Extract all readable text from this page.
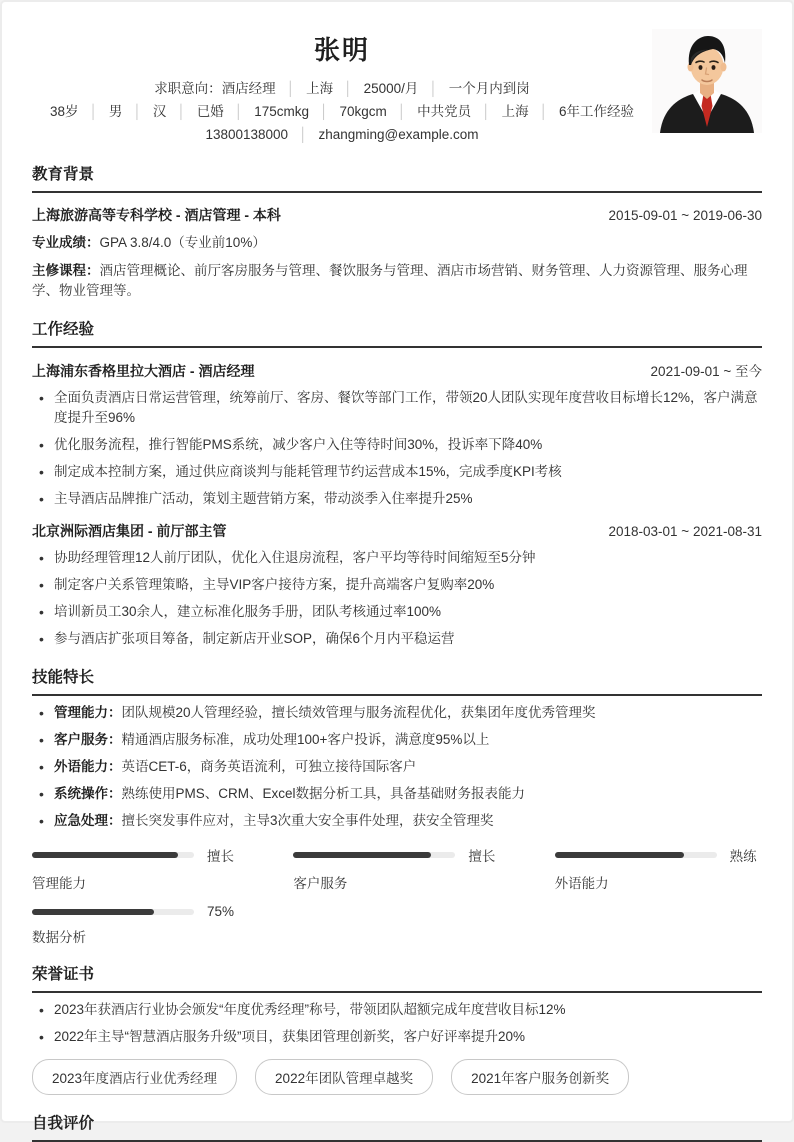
张明
求职意向：酒店经理 │ 上海 │ 25000/月 │ 一个月内到岗
38岁 │ 男 │ 汉 │ 已婚 │ 175cmkg │ 70kgcm │ 中共党员 │ 上海 │ 6年工作经验
13800138000 │ zhangming@example.com
教育背景
上海旅游高等专科学校 - 酒店管理 - 本科	2015-09-01 ~ 2019-06-30
专业成绩：GPA 3.8/4.0（专业前10%）
主修课程：酒店管理概论、前厅客房服务与管理、餐饮服务与管理、酒店市场营销、财务管理、人力资源管理、服务心理学、物业管理等。
工作经验
上海浦东香格里拉大酒店 - 酒店经理	2021-09-01 ~ 至今
• 全面负责酒店日常运营管理，统筹前厅、客房、餐饮等部门工作，带领20人团队实现年度营收目标增长12%，客户满意度提升至96%
• 优化服务流程，推行智能PMS系统，减少客户入住等待时间30%，投诉率下降40%
• 制定成本控制方案，通过供应商谈判与能耗管理节约运营成本15%，完成季度KPI考核
• 主导酒店品牌推广活动，策划主题营销方案，带动淡季入住率提升25%
北京洲际酒店集团 - 前厅部主管	2018-03-01 ~ 2021-08-31
• 协助经理管理12人前厅团队，优化入住退房流程，客户平均等待时间缩短至5分钟
• 制定客户关系管理策略，主导VIP客户接待方案，提升高端客户复购率20%
• 培训新员工30余人，建立标准化服务手册，团队考核通过率100%
• 参与酒店扩张项目筹备，制定新店开业SOP，确保6个月内平稳运营
技能特长
• 管理能力：团队规模20人管理经验，擅长绩效管理与服务流程优化，获集团年度优秀管理奖
• 客户服务：精通酒店服务标准，成功处理100+客户投诉，满意度95%以上
• 外语能力：英语CET-6，商务英语流利，可独立接待国际客户
• 系统操作：熟练使用PMS、CRM、Excel数据分析工具，具备基础财务报表能力
• 应急处理：擅长突发事件应对，主导3次重大安全事件处理，获安全管理奖
擅长
管理能力
擅长
客户服务
熟练
外语能力
75%
数据分析
荣誉证书
• 2023年获酒店行业协会颁发“年度优秀经理”称号，带领团队超额完成年度营收目标12%
• 2022年主导“智慧酒店服务升级”项目，获集团管理创新奖，客户好评率提升20%
2023年度酒店行业优秀经理	2022年团队管理卓越奖	2021年客户服务创新奖
自我评价
